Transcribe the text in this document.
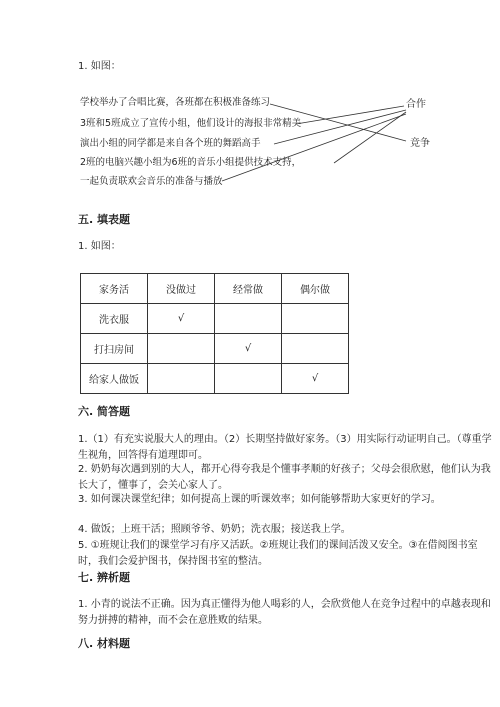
1. 如图：
学校举办了合唱比赛，各班都在积极准备练习
3班和5班成立了宣传小组，他们设计的海报非常精美
演出小组的同学都是来自各个班的舞蹈高手
2班的电脑兴趣小组为6班的音乐小组提供技术支持，
一起负责联欢会音乐的准备与播放
合作
竞争
五. 填表题
1. 如图：
家务活	没做过	经常做	偶尔做
洗衣服	√		
打扫房间		√	
给家人做饭			√
六. 简答题
1.（1）有充实说服大人的理由。（2）长期坚持做好家务。（3）用实际行动证明自己。（尊重学生视角，回答得有道理即可。
2. 奶奶每次遇到别的大人，都开心得夸我是个懂事孝顺的好孩子；父母会很欣慰，他们认为我长大了，懂事了，会关心家人了。
3. 如何课决课堂纪律；如何提高上课的听课效率；如何能够帮助大家更好的学习。
4. 做饭；上班干活；照顾爷爷、奶奶；洗衣服；接送我上学。
5. ①班规让我们的课堂学习有序又活跃。②班规让我们的课间活泼又安全。③在借阅图书室时，我们会爱护图书，保持图书室的整洁。
七. 辨析题
1. 小青的说法不正确。因为真正懂得为他人喝彩的人，会欣赏他人在竞争过程中的卓越表现和努力拼搏的精神，而不会在意胜败的结果。
八. 材料题
